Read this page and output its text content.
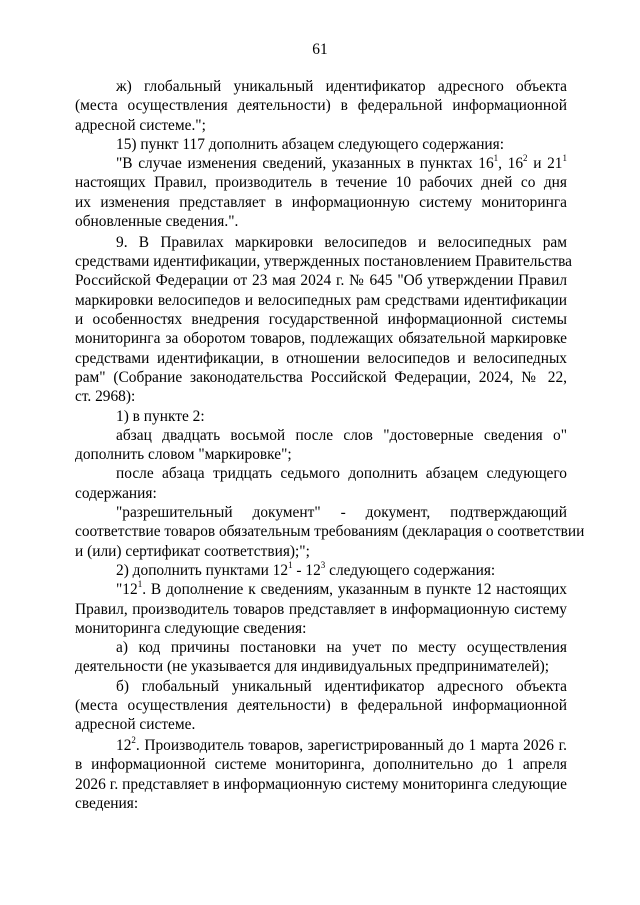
61
ж) глобальный уникальный идентификатор адресного объекта
(места осуществления деятельности) в федеральной информационной
адресной системе.";
15) пункт 117 дополнить абзацем следующего содержания:
"В случае изменения сведений, указанных в пунктах $16^1$, $16^2$ и $21^1$
настоящих Правил, производитель в течение 10 рабочих дней со дня
их изменения представляет в информационную систему мониторинга
обновленные сведения.".
9. В Правилах маркировки велосипедов и велосипедных рам
средствами идентификации, утвержденных постановлением Правительства
Российской Федерации от 23 мая 2024 г. № 645 "Об утверждении Правил
маркировки велосипедов и велосипедных рам средствами идентификации
и особенностях внедрения государственной информационной системы
мониторинга за оборотом товаров, подлежащих обязательной маркировке
средствами идентификации, в отношении велосипедов и велосипедных
рам" (Собрание законодательства Российской Федерации, 2024, № 22,
ст. 2968):
1) в пункте 2:
абзац двадцать восьмой после слов "достоверные сведения о"
дополнить словом "маркировке";
после абзаца тридцать седьмого дополнить абзацем следующего
содержания:
"разрешительный документ" - документ, подтверждающий
соответствие товаров обязательным требованиям (декларация о соответствии
и (или) сертификат соответствия);";
2) дополнить пунктами $12^1 - 12^3$ следующего содержания:
"$12^1$. В дополнение к сведениям, указанным в пункте 12 настоящих
Правил, производитель товаров представляет в информационную систему
мониторинга следующие сведения:
а) код причины постановки на учет по месту осуществления
деятельности (не указывается для индивидуальных предпринимателей);
б) глобальный уникальный идентификатор адресного объекта
(места осуществления деятельности) в федеральной информационной
адресной системе.
$12^2$. Производитель товаров, зарегистрированный до 1 марта 2026 г.
в информационной системе мониторинга, дополнительно до 1 апреля
2026 г. представляет в информационную систему мониторинга следующие
сведения:
